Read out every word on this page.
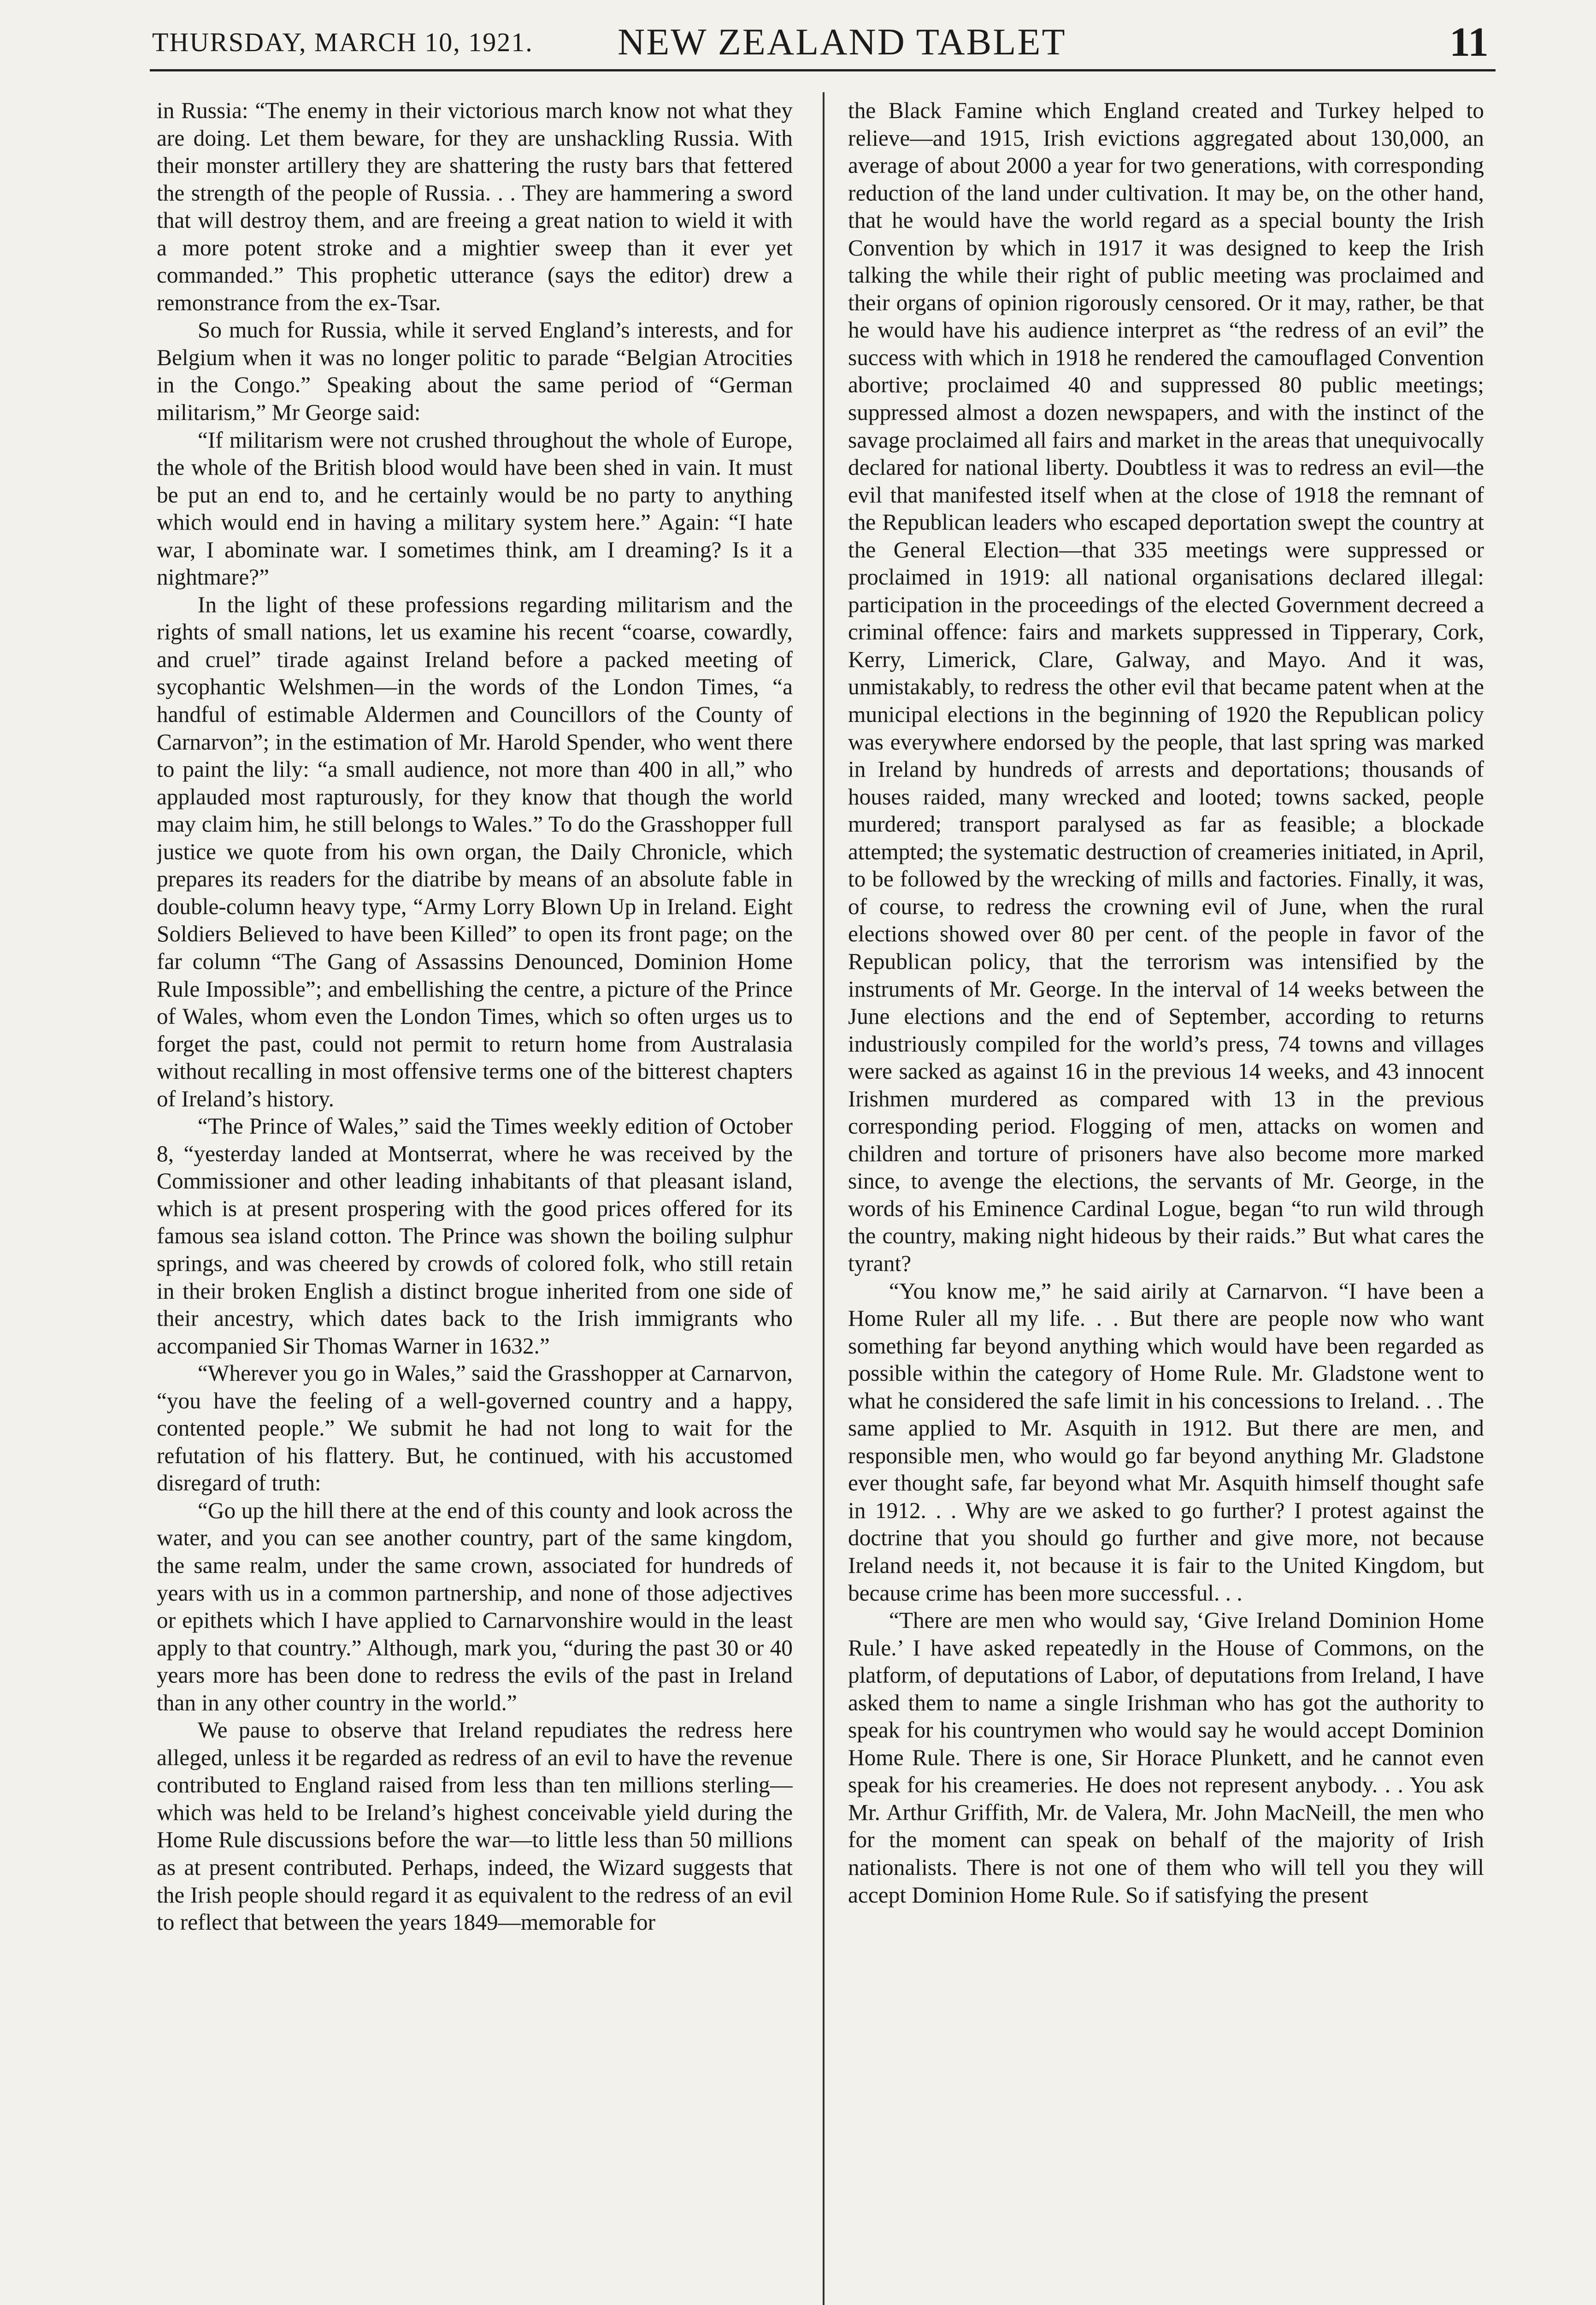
THURSDAY, MARCH 10, 1921. NEW ZEALAND TABLET	11

in Russia: “The enemy in their victorious march know not what they are doing. Let them beware, for they are unshackling Russia. With their monster artillery they are shattering the rusty bars that fettered the strength of the people of Russia. . . They are hammering a sword that will destroy them, and are freeing a great nation to wield it with a more potent stroke and a mightier sweep than it ever yet commanded.” This prophetic utterance (says the editor) drew a remonstrance from the ex-Tsar.

So much for Russia, while it served England’s interests, and for Belgium when it was no longer politic to parade “Belgian Atrocities in the Congo.” Speaking about the same period of “German militarism,” Mr George said:

“If militarism were not crushed throughout the whole of Europe, the whole of the British blood would have been shed in vain. It must be put an end to, and he certainly would be no party to anything which would end in having a military system here.” Again: “I hate war, I abominate war. I sometimes think, am I dreaming? Is it a nightmare?”

In the light of these professions regarding militarism and the rights of small nations, let us examine his recent “coarse, cowardly, and cruel” tirade against Ireland before a packed meeting of sycophantic Welshmen—in the words of the London Times, “a handful of estimable Aldermen and Councillors of the County of Carnarvon”; in the estimation of Mr. Harold Spender, who went there to paint the lily: “a small audience, not more than 400 in all,” who applauded most rapturously, for they know that though the world may claim him, he still belongs to Wales.” To do the Grasshopper full justice we quote from his own organ, the Daily Chronicle, which prepares its readers for the diatribe by means of an absolute fable in double-column heavy type, “Army Lorry Blown Up in Ireland. Eight Soldiers Believed to have been Killed” to open its front page; on the far column “The Gang of Assassins Denounced, Dominion Home Rule Impossible”; and embellishing the centre, a picture of the Prince of Wales, whom even the London Times, which so often urges us to forget the past, could not permit to return home from Australasia without recalling in most offensive terms one of the bitterest chapters of Ireland’s history.

“The Prince of Wales,” said the Times weekly edition of October 8, “yesterday landed at Montserrat, where he was received by the Commissioner and other leading inhabitants of that pleasant island, which is at present prospering with the good prices offered for its famous sea island cotton. The Prince was shown the boiling sulphur springs, and was cheered by crowds of colored folk, who still retain in their broken English a distinct brogue inherited from one side of their ancestry, which dates back to the Irish immigrants who accompanied Sir Thomas Warner in 1632.”

“Wherever you go in Wales,” said the Grasshopper at Carnarvon, “you have the feeling of a well-governed country and a happy, contented people.” We submit he had not long to wait for the refutation of his flattery. But, he continued, with his accustomed disregard of truth:

“Go up the hill there at the end of this county and look across the water, and you can see another country, part of the same kingdom, the same realm, under the same crown, associated for hundreds of years with us in a common partnership, and none of those adjectives or epithets which I have applied to Carnarvonshire would in the least apply to that country.” Although, mark you, “during the past 30 or 40 years more has been done to redress the evils of the past in Ireland than in any other country in the world.”

We pause to observe that Ireland repudiates the redress here alleged, unless it be regarded as redress of an evil to have the revenue contributed to England raised from less than ten millions sterling—which was held to be Ireland’s highest conceivable yield during the Home Rule discussions before the war—to little less than 50 millions as at present contributed. Perhaps, indeed, the Wizard suggests that the Irish people should regard it as equivalent to the redress of an evil to reflect that between the years 1849—memorable for

the Black Famine which England created and Turkey helped to relieve—and 1915, Irish evictions aggregated about 130,000, an average of about 2000 a year for two generations, with corresponding reduction of the land under cultivation. It may be, on the other hand, that he would have the world regard as a special bounty the Irish Convention by which in 1917 it was designed to keep the Irish talking the while their right of public meeting was proclaimed and their organs of opinion rigorously censored. Or it may, rather, be that he would have his audience interpret as “the redress of an evil” the success with which in 1918 he rendered the camouflaged Convention abortive; proclaimed 40 and suppressed 80 public meetings; suppressed almost a dozen newspapers, and with the instinct of the savage proclaimed all fairs and market in the areas that unequivocally declared for national liberty. Doubtless it was to redress an evil—the evil that manifested itself when at the close of 1918 the remnant of the Republican leaders who escaped deportation swept the country at the General Election—that 335 meetings were suppressed or proclaimed in 1919: all national organisations declared illegal: participation in the proceedings of the elected Government decreed a criminal offence: fairs and markets suppressed in Tipperary, Cork, Kerry, Limerick, Clare, Galway, and Mayo. And it was, unmistakably, to redress the other evil that became patent when at the municipal elections in the beginning of 1920 the Republican policy was everywhere endorsed by the people, that last spring was marked in Ireland by hundreds of arrests and deportations; thousands of houses raided, many wrecked and looted; towns sacked, people murdered; transport paralysed as far as feasible; a blockade attempted; the systematic destruction of creameries initiated, in April, to be followed by the wrecking of mills and factories. Finally, it was, of course, to redress the crowning evil of June, when the rural elections showed over 80 per cent. of the people in favor of the Republican policy, that the terrorism was intensified by the instruments of Mr. George. In the interval of 14 weeks between the June elections and the end of September, according to returns industriously compiled for the world’s press, 74 towns and villages were sacked as against 16 in the previous 14 weeks, and 43 innocent Irishmen murdered as compared with 13 in the previous corresponding period. Flogging of men, attacks on women and children and torture of prisoners have also become more marked since, to avenge the elections, the servants of Mr. George, in the words of his Eminence Cardinal Logue, began “to run wild through the country, making night hideous by their raids.” But what cares the tyrant?

“You know me,” he said airily at Carnarvon. “I have been a Home Ruler all my life. . . But there are people now who want something far beyond anything which would have been regarded as possible within the category of Home Rule. Mr. Gladstone went to what he considered the safe limit in his concessions to Ireland. . . The same applied to Mr. Asquith in 1912. But there are men, and responsible men, who would go far beyond anything Mr. Gladstone ever thought safe, far beyond what Mr. Asquith himself thought safe in 1912. . . Why are we asked to go further? I protest against the doctrine that you should go further and give more, not because Ireland needs it, not because it is fair to the United Kingdom, but because crime has been more successful. . .

“There are men who would say, ‘Give Ireland Dominion Home Rule.’ I have asked repeatedly in the House of Commons, on the platform, of deputations of Labor, of deputations from Ireland, I have asked them to name a single Irishman who has got the authority to speak for his countrymen who would say he would accept Dominion Home Rule. There is one, Sir Horace Plunkett, and he cannot even speak for his creameries. He does not represent anybody. . . You ask Mr. Arthur Griffith, Mr. de Valera, Mr. John MacNeill, the men who for the moment can speak on behalf of the majority of Irish nationalists. There is not one of them who will tell you they will accept Dominion Home Rule. So if satisfying the present
